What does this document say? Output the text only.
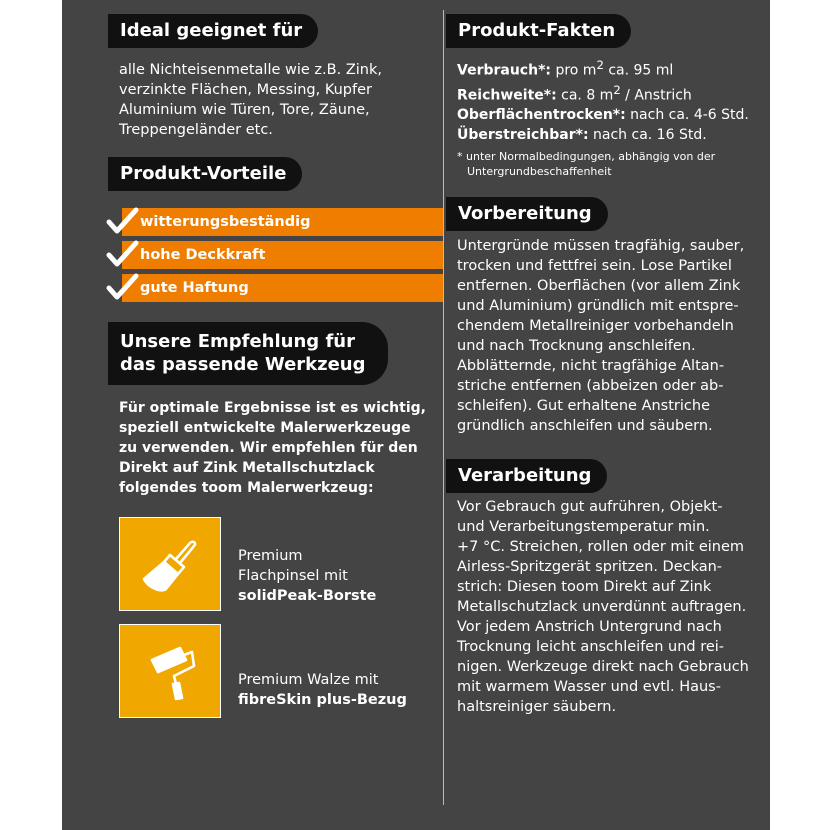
Ideal geeignet für
alle Nichteisenmetalle wie z.B. Zink,
verzinkte Flächen, Messing, Kupfer
Aluminium wie Türen, Tore, Zäune,
Treppengeländer etc.
Produkt-Vorteile
witterungsbeständig
hohe Deckkraft
gute Haftung
Unsere Empfehlung für
das passende Werkzeug
Für optimale Ergebnisse ist es wichtig,
speziell entwickelte Malerwerkzeuge
zu verwenden. Wir empfehlen für den
Direkt auf Zink Metallschutzlack
folgendes toom Malerwerkzeug:
Premium
Flachpinsel mit
solidPeak-Borste
Premium Walze mit
fibreSkin plus-Bezug
Produkt-Fakten
Verbrauch*: pro $m^2$ ca. 95 ml
Reichweite*: ca. 8 $m^2$ / Anstrich
Oberflächentrocken*: nach ca. 4-6 Std.
Überstreichbar*: nach ca. 16 Std.
* unter Normalbedingungen, abhängig von der
Untergrundbeschaffenheit
Vorbereitung
Untergründe müssen tragfähig, sauber,
trocken und fettfrei sein. Lose Partikel
entfernen. Oberflächen (vor allem Zink
und Aluminium) gründlich mit entspre-
chendem Metallreiniger vorbehandeln
und nach Trocknung anschleifen.
Abblätternde, nicht tragfähige Altan-
striche entfernen (abbeizen oder ab-
schleifen). Gut erhaltene Anstriche
gründlich anschleifen und säubern.
Verarbeitung
Vor Gebrauch gut aufrühren, Objekt-
und Verarbeitungstemperatur min.
+7 °C. Streichen, rollen oder mit einem
Airless-Spritzgerät spritzen. Deckan-
strich: Diesen toom Direkt auf Zink
Metallschutzlack unverdünnt auftragen.
Vor jedem Anstrich Untergrund nach
Trocknung leicht anschleifen und rei-
nigen. Werkzeuge direkt nach Gebrauch
mit warmem Wasser und evtl. Haus-
haltsreiniger säubern.
